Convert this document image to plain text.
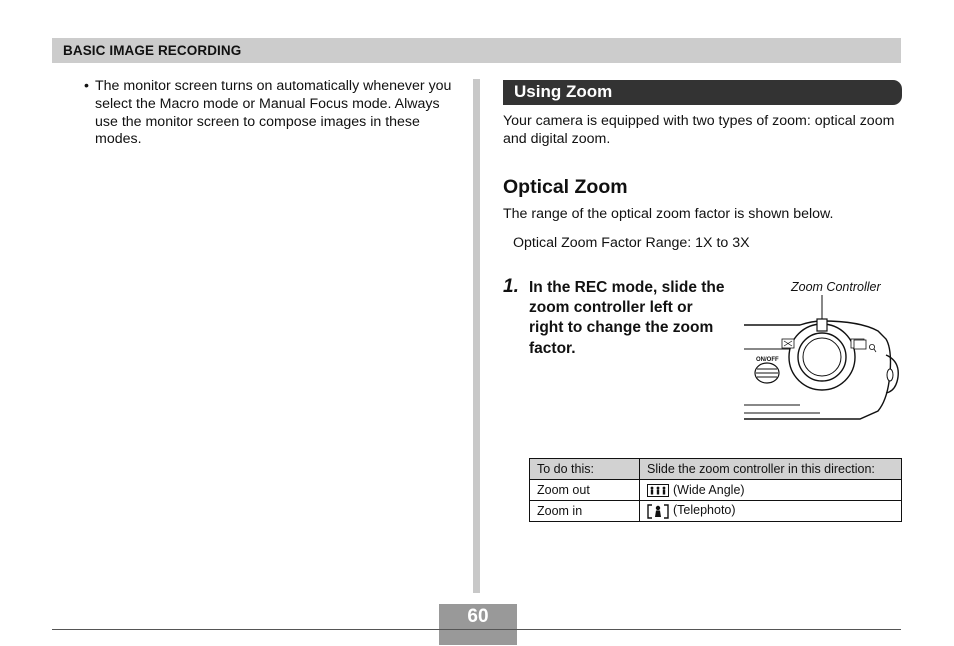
BASIC IMAGE RECORDING
• The monitor screen turns on automatically whenever you select the Macro mode or Manual Focus mode. Always use the monitor screen to compose images in these modes.
Using Zoom
Your camera is equipped with two types of zoom: optical zoom and digital zoom.
Optical Zoom
The range of the optical zoom factor is shown below.
Optical Zoom Factor Range: 1X to 3X
1. In the REC mode, slide the zoom controller left or right to change the zoom factor.
Zoom Controller
ON/OFF
To do this:	Slide the zoom controller in this direction:
Zoom out	(Wide Angle)
Zoom in	(Telephoto)
60
